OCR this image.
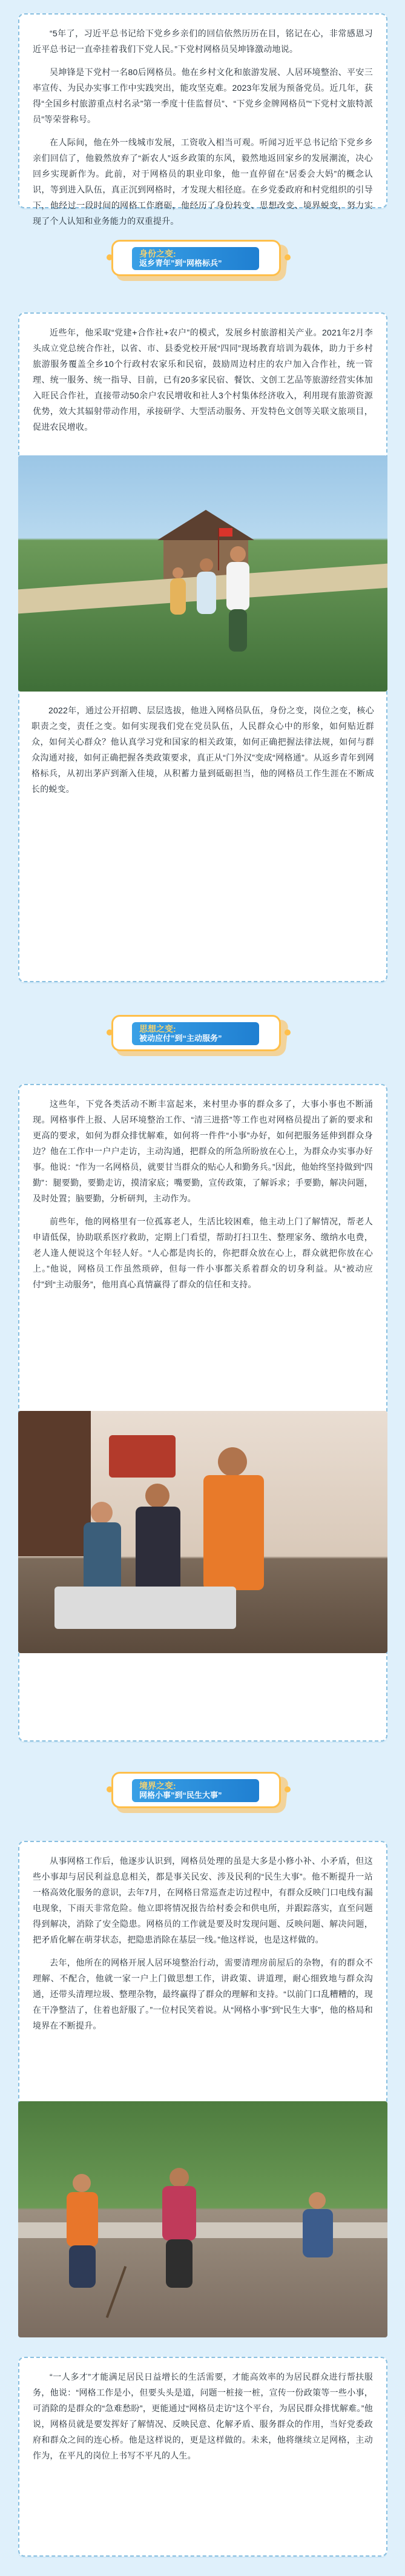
“5年了，习近平总书记给下党乡乡亲们的回信依然历历在目，铭记在心，非常感恩习近平总书记一直牵挂着我们下党人民。”下党村网格员吴坤锋激动地说。

吴坤锋是下党村一名80后网格员。他在乡村文化和旅游发展、人居环境整治、平安三率宣传、为民办实事工作中实践突出，能攻坚克难。2023年发展为预备党员。近几年，获得“全国乡村旅游重点村名录”第一季度十佳监督员”、“下党乡金牌网格员”“下党村文旅特派员”等荣誉称号。

在人际间，他在外一线城市发展，工资收入相当可观。听闻习近平总书记给下党乡乡亲们回信了，他毅然放弃了“新农人”返乡政策的东风，毅然地返回家乡的发展潮流，决心回乡实现新作为。此前，对于网格员的职业印象，他一直停留在“居委会大妈”的概念认识，等到进入队伍，真正沉到网格时，才发现大相径庭。在乡党委政府和村党组织的引导下，他经过一段时间的网格工作磨砺，他经历了身份转变、思想改变、境界蜕变，努力实现了个人认知和业务能力的双重提升。

身份之变:
返乡青年”到“网格标兵”

近些年，他采取“党建+合作社+农户”的模式，发展乡村旅游相关产业。2021年2月李头成立党总统合作社，以省、市、县委党校开展“四同”现场教育培训为载体，助力于乡村旅游服务覆盖全乡10个行政村农家乐和民宿，鼓励周边村庄的农户加入合作社，统一管理、统一服务、统一指导、目前，已有20多家民宿、餐饮、文创工艺品等旅游经营实体加入旺民合作社，直接带动50余户农民增收和社人3个村集体经济收入，利用现有旅游资源优势，效大其辐射带动作用，承接研学、大型活动服务、开发特色文创等关联文旅项目，促进农民增收。

2022年，通过公开招聘、层层选拔，他进入网格员队伍，身份之变，岗位之变，核心职责之变，责任之变。如何实现我们党在党员队伍，人民群众心中的形象，如何贴近群众，如何关心群众？他认真学习党和国家的相关政策，如何正确把握法律法规，如何与群众沟通对接，如何正确把握各类政策要求，真正从“门外汉”变成“网格通”。从返乡青年到网格标兵，从初出茅庐到渐入佳境，从积蓄力量到砥砺担当，他的网格员工作生涯在不断成长的蜕变。

思想之变:
被动应付”到“主动服务”

这些年，下党各类活动不断丰富起来，来村里办事的群众多了，大事小事也不断涌现。网格事件上报、人居环境整治工作、“清三进搭”等工作也对网格员提出了新的要求和更高的要求，如何为群众排忧解难，如何将一件件“小事”办好，如何把服务延伸到群众身边？他在工作中一户户走访，主动沟通，把群众的所急所盼放在心上，为群众办实事办好事。他说：“作为一名网格员，就要甘当群众的贴心人和勤务兵。”因此，他始终坚持做到“四勤”：腿要勤，要勤走访，摸清家底；嘴要勤，宣传政策，了解诉求；手要勤，解决问题，及时处置；脑要勤，分析研判，主动作为。

前些年，他的网格里有一位孤寡老人，生活比较困难，他主动上门了解情况，帮老人申请低保，协助联系医疗救助，定期上门看望，帮助打扫卫生、整理家务、缴纳水电费，老人逢人便说这个年轻人好。“人心都是肉长的，你把群众放在心上，群众就把你放在心上。”他说，网格员工作虽然琐碎，但每一件小事都关系着群众的切身利益。从“被动应付”到“主动服务”，他用真心真情赢得了群众的信任和支持。

境界之变:
网格小事”到“民生大事”

从事网格工作后，他逐步认识到，网格员处理的虽是大多是小修小补、小矛盾，但这些小事却与居民利益息息相关，都是事关民安、涉及民利的“民生大事”。他不断提升一站一格高效化服务的意识，去年7月，在网格日常巡查走访过程中，有群众反映门口电线有漏电现象，下雨天非常危险。他立即将情况报告给村委会和供电所，并跟踪落实，直至问题得到解决，消除了安全隐患。网格员的工作就是要及时发现问题、反映问题、解决问题，把矛盾化解在萌芽状态，把隐患消除在基层一线。”他这样说，也是这样做的。

去年，他所在的网格开展人居环境整治行动，需要清理房前屋后的杂物，有的群众不理解、不配合，他就一家一户上门做思想工作，讲政策、讲道理，耐心细致地与群众沟通，还带头清理垃圾、整理杂物，最终赢得了群众的理解和支持。“以前门口乱糟糟的，现在干净整洁了，住着也舒服了。”一位村民笑着说。从“网格小事”到“民生大事”，他的格局和境界在不断提升。

“一人多才”才能满足居民日益增长的生活需要，才能高效率的为居民群众进行帮扶服务，他说：“网格工作是小，但要头头是道，问题一桩接一桩，宣传一份政策等一些小事，可消除的是群众的“急难愁盼”，更能通过“网格员走访”这个平台，为居民群众排忧解难。”他说，网格员就是要发挥好了解情况、反映民意、化解矛盾、服务群众的作用，当好党委政府和群众之间的连心桥。他是这样说的，更是这样做的。未来，他将继续立足网格，主动作为，在平凡的岗位上书写不平凡的人生。
